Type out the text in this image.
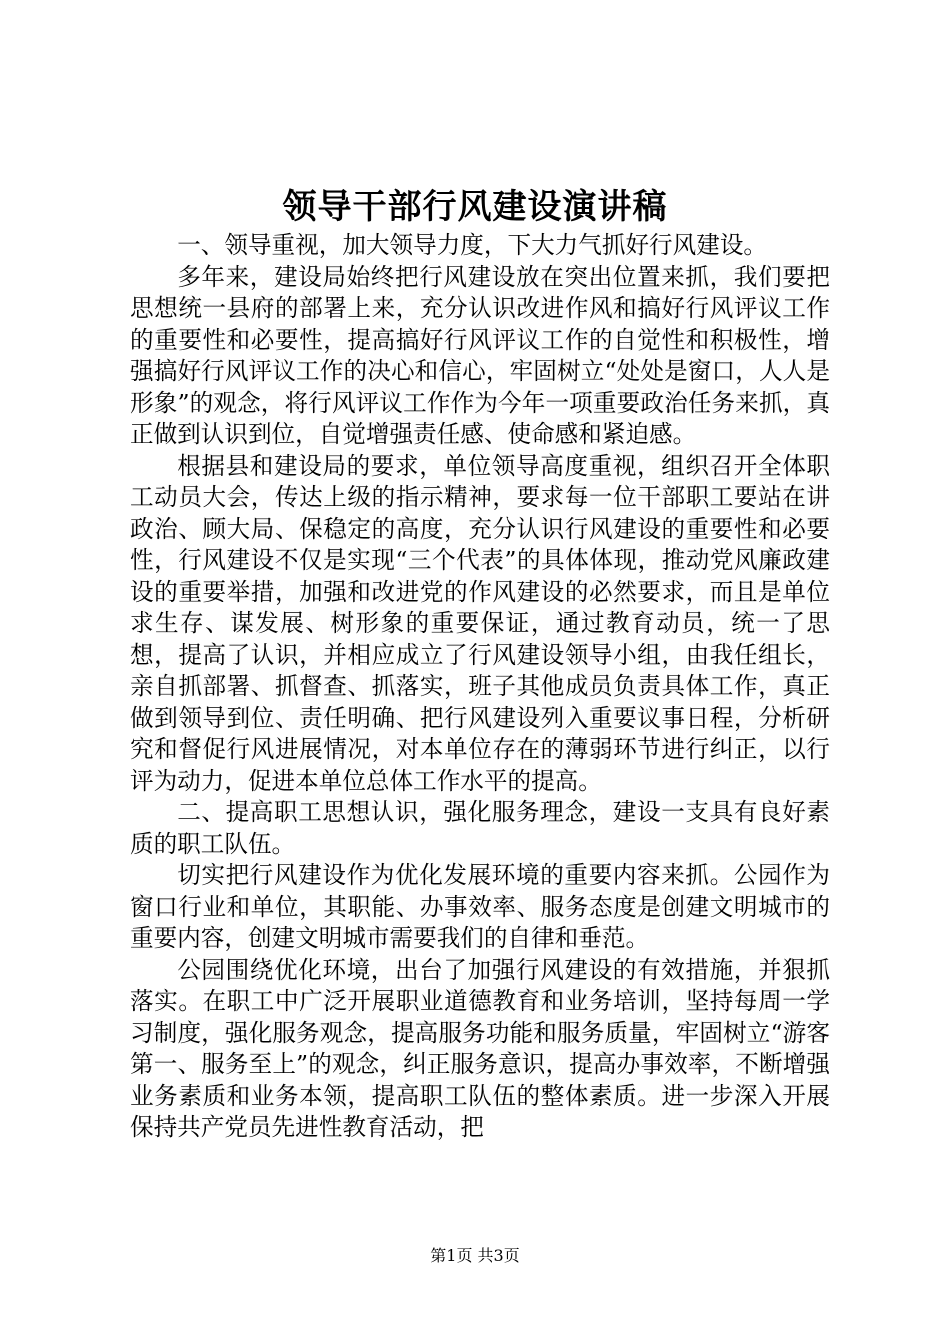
领导干部行风建设演讲稿

一、领导重视，加大领导力度，下大力气抓好行风建设。

多年来，建设局始终把行风建设放在突出位置来抓，我们要把思想统一县府的部署上来，充分认识改进作风和搞好行风评议工作的重要性和必要性，提高搞好行风评议工作的自觉性和积极性，增强搞好行风评议工作的决心和信心，牢固树立“处处是窗口，人人是形象”的观念，将行风评议工作作为今年一项重要政治任务来抓，真正做到认识到位，自觉增强责任感、使命感和紧迫感。

根据县和建设局的要求，单位领导高度重视，组织召开全体职工动员大会，传达上级的指示精神，要求每一位干部职工要站在讲政治、顾大局、保稳定的高度，充分认识行风建设的重要性和必要性，行风建设不仅是实现“三个代表”的具体体现，推动党风廉政建设的重要举措，加强和改进党的作风建设的必然要求，而且是单位求生存、谋发展、树形象的重要保证，通过教育动员，统一了思想，提高了认识，并相应成立了行风建设领导小组，由我任组长，亲自抓部署、抓督查、抓落实，班子其他成员负责具体工作，真正做到领导到位、责任明确、把行风建设列入重要议事日程，分析研究和督促行风进展情况，对本单位存在的薄弱环节进行纠正，以行评为动力，促进本单位总体工作水平的提高。

二、提高职工思想认识，强化服务理念，建设一支具有良好素质的职工队伍。

切实把行风建设作为优化发展环境的重要内容来抓。公园作为窗口行业和单位，其职能、办事效率、服务态度是创建文明城市的重要内容，创建文明城市需要我们的自律和垂范。

公园围绕优化环境，出台了加强行风建设的有效措施，并狠抓落实。在职工中广泛开展职业道德教育和业务培训，坚持每周一学习制度，强化服务观念，提高服务功能和服务质量，牢固树立“游客第一、服务至上”的观念，纠正服务意识，提高办事效率，不断增强业务素质和业务本领，提高职工队伍的整体素质。进一步深入开展保持共产党员先进性教育活动，把

第1页 共3页
